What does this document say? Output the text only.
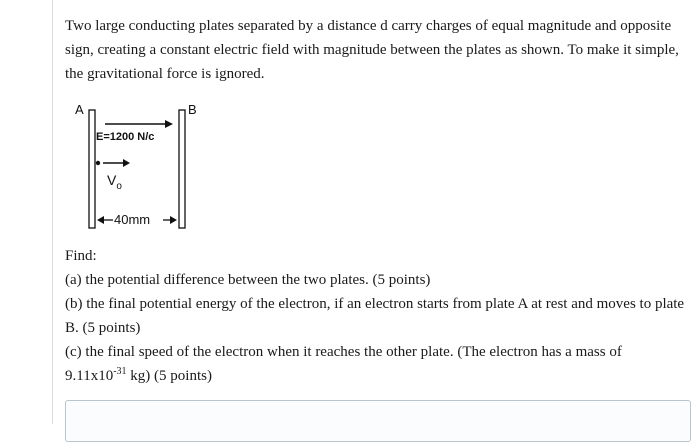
Two large conducting plates separated by a distance d carry charges of equal magnitude and opposite sign, creating a constant electric field with magnitude between the plates as shown. To make it simple, the gravitational force is ignored.

A	B
E=1200 N/c
$V_o$
40mm
Find:
(a) the potential difference between the two plates. (5 points)
(b) the final potential energy of the electron, if an electron starts from plate A at rest and moves to plate B. (5 points)
(c) the final speed of the electron when it reaches the other plate. (The electron has a mass of
$9.11x10^{-31}$ kg) (5 points)
